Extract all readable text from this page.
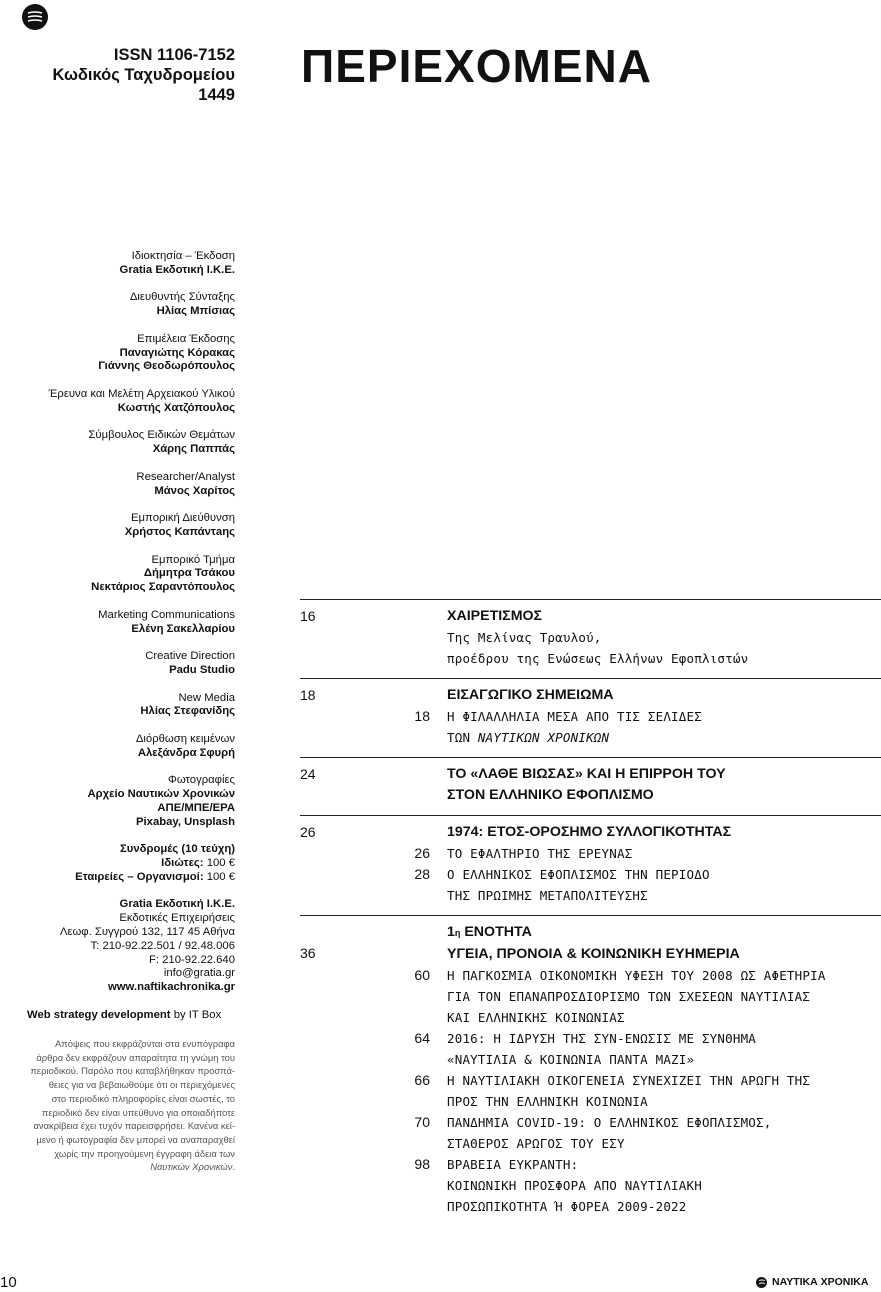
ISSN 1106-7152
Κωδικός Ταχυδρομείου
1449
ΠΕΡΙΕΧΟΜΕΝΑ
Ιδιοκτησία – Έκδοση
Gratia Εκδοτική Ι.Κ.Ε.
Διευθυντής Σύνταξης
Ηλίας Μπίσιας
Επιμέλεια Έκδοσης
Παναγιώτης Κόρακας
Γιάννης Θεοδωρόπουλος
Έρευνα και Μελέτη Αρχειακού Υλικού
Κωστής Χατζόπουλος
Σύμβουλος Ειδικών Θεμάτων
Χάρης Παππάς
Researcher/Analyst
Μάνος Χαρίτος
Εμπορική Διεύθυνση
Χρήστος Καπάντaης
Εμπορικό Τμήμα
Δήμητρα Τσάκου
Νεκτάριος Σαραντόπουλος
Marketing Communications
Ελένη Σακελλαρίου
Creative Direction
Padu Studio
New Media
Ηλίας Στεφανίδης
Διόρθωση κειμένων
Αλεξάνδρα Σφυρή
Φωτογραφίες
Αρχείο Ναυτικών Χρονικών
ΑΠΕ/ΜΠΕ/EPA
Pixabay, Unsplash
Συνδρομές (10 τεύχη)
Ιδιώτες: 100 €
Εταιρείες – Οργανισμοί: 100 €
Gratia Εκδοτική Ι.Κ.Ε.
Εκδοτικές Επιχειρήσεις
Λεωφ. Συγγρού 132, 117 45 Αθήνα
Τ: 210-92.22.501 / 92.48.006
F: 210-92.22.640
info@gratia.gr
www.naftikachronika.gr
Web strategy development by IT Box
Απόψεις που εκφράζονται στα ενυπόγραφα
άρθρα δεν εκφράζουν απαραίτητα τη γνώμη του
περιοδικού. Παρόλο που καταβλήθηκαν προσπά-
θειες για να βεβαιωθούμε ότι οι περιεχόμενες
στο περιοδικό πληροφορίες είναι σωστές, το
περιοδικό δεν είναι υπεύθυνο για οποιαδήποτε
ανακρίβεια έχει τυχόν παρεισφρήσει. Κανένα κεί-
μενο ή φωτογραφία δεν μπορεί να αναπαραχθεί
χωρίς την προηγούμενη έγγραφη άδεια των
Ναυτικών Χρονικών.
16	ΧΑΙΡΕΤΙΣΜΟΣ
Της Μελίνας Τραυλού,
προέδρου της Ενώσεως Ελλήνων Εφοπλιστών
18	ΕΙΣΑΓΩΓΙΚΟ ΣΗΜΕΙΩΜΑ
18 Η ΦΙΛΑΛΛΗΛΙΑ ΜΕΣΑ ΑΠΟ ΤΙΣ ΣΕΛΙΔΕΣ
ΤΩΝ ΝΑΥΤΙΚΩΝ ΧΡΟΝΙΚΩΝ
24	ΤΟ «ΛΑΘΕ ΒΙΩΣΑΣ» ΚΑΙ Η ΕΠΙΡΡΟΗ ΤΟΥ
ΣΤΟΝ ΕΛΛΗΝΙΚΟ ΕΦΟΠΛΙΣΜΟ
26	1974: ΕΤΟΣ-ΟΡΟΣΗΜΟ ΣΥΛΛΟΓΙΚΟΤΗΤΑΣ
26 ΤΟ ΕΦΑΛΤΗΡΙΟ ΤΗΣ ΕΡΕΥΝΑΣ
28 Ο ΕΛΛΗΝΙΚΟΣ ΕΦΟΠΛΙΣΜΟΣ ΤΗΝ ΠΕΡΙΟΔΟ
ΤΗΣ ΠΡΩΙΜΗΣ ΜΕΤΑΠΟΛΙΤΕΥΣΗΣ
1η ΕΝΟΤΗΤΑ
36	ΥΓΕΙΑ, ΠΡΟΝΟΙΑ & ΚΟΙΝΩΝΙΚΗ ΕΥΗΜΕΡΙΑ
60 Η ΠΑΓΚΟΣΜΙΑ ΟΙΚΟΝΟΜΙΚΗ ΥΦΕΣΗ ΤΟΥ 2008 ΩΣ ΑΦΕΤΗΡΙΑ
ΓΙΑ ΤΟΝ ΕΠΑΝΑΠΡΟΣΔΙΟΡΙΣΜΟ ΤΩΝ ΣΧΕΣΕΩΝ ΝΑΥΤΙΛΙΑΣ
ΚΑΙ ΕΛΛΗΝΙΚΗΣ ΚΟΙΝΩΝΙΑΣ
64 2016: Η ΙΔΡΥΣΗ ΤΗΣ ΣΥΝ-ΕΝΩΣΙΣ ΜΕ ΣΥΝΘΗΜΑ
«ΝΑΥΤΙΛΙΑ & ΚΟΙΝΩΝΙΑ ΠΑΝΤΑ ΜΑΖΙ»
66 Η ΝΑΥΤΙΛΙΑΚΗ ΟΙΚΟΓΕΝΕΙΑ ΣΥΝΕΧΙΖΕΙ ΤΗΝ ΑΡΩΓΗ ΤΗΣ
ΠΡΟΣ ΤΗΝ ΕΛΛΗΝΙΚΗ ΚΟΙΝΩΝΙΑ
70 ΠΑΝΔΗΜΙΑ COVID-19: Ο ΕΛΛΗΝΙΚΟΣ ΕΦΟΠΛΙΣΜΟΣ,
ΣΤΑΘΕΡΟΣ ΑΡΩΓΟΣ ΤΟΥ ΕΣΥ
98 ΒΡΑΒΕΙΑ ΕΥΚΡΑΝΤΗ:
ΚΟΙΝΩΝΙΚΗ ΠΡΟΣΦΟΡΑ ΑΠΟ ΝΑΥΤΙΛΙΑΚΗ
ΠΡΟΣΩΠΙΚΟΤΗΤΑ Ή ΦΟΡΕΑ 2009-2022
10	ΝΑΥΤΙΚΑ ΧΡΟΝΙΚΑ
